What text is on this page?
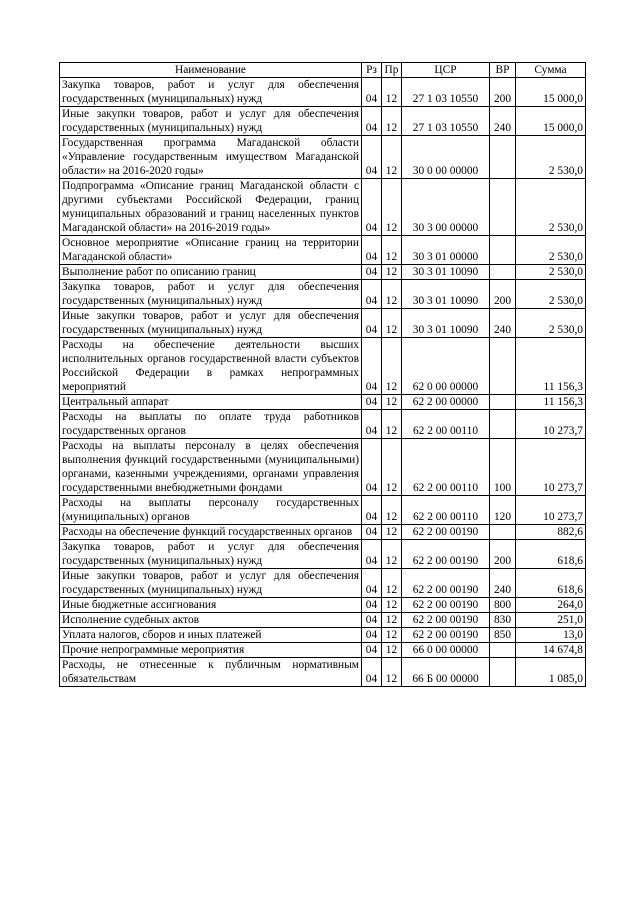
Наименование	Рз	Пр	ЦСР	ВР	Сумма
Закупка товаров, работ и услуг для обеспечения государственных (муниципальных) нужд	04	12	27 1 03 10550	200	15 000,0
Иные закупки товаров, работ и услуг для обеспечения государственных (муниципальных) нужд	04	12	27 1 03 10550	240	15 000,0
Государственная программа Магаданской области «Управление государственным имуществом Магаданской области» на 2016-2020 годы»	04	12	30 0 00 00000		2 530,0
Подпрограмма «Описание границ Магаданской области с другими субъектами Российской Федерации, границ муниципальных образований и границ населенных пунктов Магаданской области» на 2016-2019 годы»	04	12	30 3 00 00000		2 530,0
Основное мероприятие «Описание границ на территории Магаданской области»	04	12	30 3 01 00000		2 530,0
Выполнение работ по описанию границ	04	12	30 3 01 10090		2 530,0
Закупка товаров, работ и услуг для обеспечения государственных (муниципальных) нужд	04	12	30 3 01 10090	200	2 530,0
Иные закупки товаров, работ и услуг для обеспечения государственных (муниципальных) нужд	04	12	30 3 01 10090	240	2 530,0
Расходы на обеспечение деятельности высших исполнительных органов государственной власти субъектов Российской Федерации в рамках непрограммных мероприятий	04	12	62 0 00 00000		11 156,3
Центральный аппарат	04	12	62 2 00 00000		11 156,3
Расходы на выплаты по оплате труда работников государственных органов	04	12	62 2 00 00110		10 273,7
Расходы на выплаты персоналу в целях обеспечения выполнения функций государственными (муниципальными) органами, казенными учреждениями, органами управления государственными внебюджетными фондами	04	12	62 2 00 00110	100	10 273,7
Расходы на выплаты персоналу государственных (муниципальных) органов	04	12	62 2 00 00110	120	10 273,7
Расходы на обеспечение функций государственных органов	04	12	62 2 00 00190		882,6
Закупка товаров, работ и услуг для обеспечения государственных (муниципальных) нужд	04	12	62 2 00 00190	200	618,6
Иные закупки товаров, работ и услуг для обеспечения государственных (муниципальных) нужд	04	12	62 2 00 00190	240	618,6
Иные бюджетные ассигнования	04	12	62 2 00 00190	800	264,0
Исполнение судебных актов	04	12	62 2 00 00190	830	251,0
Уплата налогов, сборов и иных платежей	04	12	62 2 00 00190	850	13,0
Прочие непрограммные мероприятия	04	12	66 0 00 00000		14 674,8
Расходы, не отнесенные к публичным нормативным обязательствам	04	12	66 Б 00 00000		1 085,0
